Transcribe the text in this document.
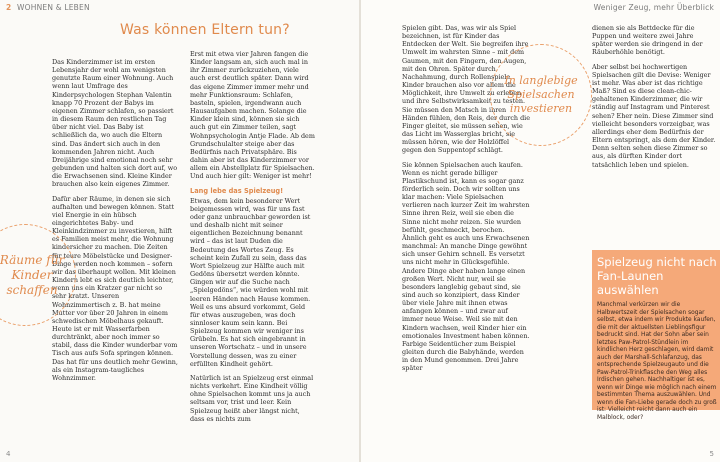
2 WOHNEN & LEBEN	Weniger Zeug, mehr Überblick
Was können Eltern tun?

Das Kinderzimmer ist im ersten Lebensjahr der wohl am wenigsten genutzte Raum einer Wohnung. Auch wenn laut Umfrage des Kinderpsychologen Stephan Valentin knapp 70 Prozent der Babys im eigenen Zimmer schlafen, so passiert in diesem Raum den restlichen Tag über nicht viel. Das Baby ist schließlich da, wo auch die Eltern sind. Das ändert sich auch in den kommenden Jahren nicht. Auch Dreijährige sind emotional noch sehr gebunden und halten sich dort auf, wo die Erwachsenen sind. Kleine Kinder brauchen also kein eigenes Zimmer.

Dafür aber Räume, in denen sie sich aufhalten und bewegen können. Statt viel Energie in ein hübsch eingerichtetes Baby- und Kleinkindzimmer zu investieren, hilft es Familien meist mehr, die Wohnung kindersicher zu machen. Die Zeiten für teure Möbelstücke und Designer-Dinge werden noch kommen – sofern wir das überhaupt wollen. Mit kleinen Kindern lebt es sich deutlich leichter, wenn uns ein Kratzer gar nicht so sehr kratzt. Unseren Wohnzimmertisch z. B. hat meine Mutter vor über 20 Jahren in einem schwedischen Möbelhaus gekauft. Heute ist er mit Wasserfarben durchtränkt, aber noch immer so stabil, dass die Kinder wunderbar vom Tisch aus aufs Sofa springen können. Das hat für uns deutlich mehr Gewinn, als ein Instagram-taugliches Wohnzimmer.

Erst mit etwa vier Jahren fangen die Kinder langsam an, sich auch mal in ihr Zimmer zurückzuziehen, viele auch erst deutlich später. Dann wird das eigene Zimmer immer mehr und mehr Funktionsraum: Schlafen, basteln, spielen, irgendwann auch Hausaufgaben machen. Solange die Kinder klein sind, können sie sich auch gut ein Zimmer teilen, sagt Wohnpsychologin Antje Flade. Ab dem Grundschulalter steige aber das Bedürfnis nach Privatsphäre. Bis dahin aber ist das Kinderzimmer vor allem ein Abstellplatz für Spielsachen. Und auch hier gilt: Weniger ist mehr!

Lang lebe das Spielzeug!

Etwas, dem kein besonderer Wert beigemessen wird, was für uns fast oder ganz unbrauchbar geworden ist und deshalb nicht mit seiner eigentlichen Bezeichnung benannt wird – das ist laut Duden die Bedeutung des Wortes Zeug. Es scheint kein Zufall zu sein, dass das Wort Spielzeug zur Hälfte auch mit Gedöns übersetzt werden könnte. Gingen wir auf die Suche nach „Spielgedöns“, wie würden wohl mit leeren Händen nach Hause kommen. Weil es uns absurd vorkommt, Geld für etwas auszugeben, was doch sinnloser kaum sein kann. Bei Spielzeug kommen wir weniger ins Grübeln. Es hat sich eingebrannt in unseren Wortschatz – und in unsere Vorstellung dessen, was zu einer erfüllten Kindheit gehört.

Natürlich ist an Spielzeug erst einmal nichts verkehrt. Eine Kindheit völlig ohne Spielsachen kommt uns ja auch seltsam vor, trist und leer. Kein Spielzeug heißt aber längst nicht, dass es nichts zum

Spielen gibt. Das, was wir als Spiel bezeichnen, ist für Kinder das Entdecken der Welt. Sie begreifen ihre Umwelt im wahrsten Sinne – mit dem Gaumen, mit den Fingern, den Augen, mit den Ohren. Später durch Nachahmung, durch Rollenspiele. Kinder brauchen also vor allem die Möglichkeit, ihre Umwelt zu erleben und ihre Selbstwirksamkeit zu testen. Sie müssen den Matsch in ihren Händen fühlen, den Reis, der durch die Finger gleitet, sie müssen sehen, wie das Licht im Wasserglas bricht, sie müssen hören, wie der Holzlöffel gegen den Suppentopf schlägt.

Sie können Spielsachen auch kaufen. Wenn es nicht gerade billiger Plastikschund ist, kann es sogar ganz förderlich sein. Doch wir sollten uns klar machen: Viele Spielsachen verlieren nach kurzer Zeit im wahrsten Sinne ihren Reiz, weil sie eben die Sinne nicht mehr reizen. Sie wurden befühlt, geschmeckt, berochen. Ähnlich geht es auch uns Erwachsenen manchmal: An manche Dinge gewöhnt sich unser Gehirn schnell. Es versetzt uns nicht mehr in Glücksgefühle. Andere Dinge aber haben lange einen großen Wert. Nicht nur, weil sie besonders langlebig gebaut sind, sie sind auch so konzipiert, dass Kinder über viele Jahre mit ihnen etwas anfangen können – und zwar auf immer neue Weise. Weil sie mit den Kindern wachsen, weil Kinder hier ein emotionales Investment haben können. Farbige Seidentücher zum Beispiel gleiten durch die Babyhände, werden in den Mund genommen. Drei Jahre später

dienen sie als Bettdecke für die Puppen und weitere zwei Jahre später werden sie dringend in der Räuberhöhle benötigt.

Aber selbst bei hochwertigen Spielsachen gilt die Devise: Weniger ist mehr. Was aber ist das richtige Maß? Sind es diese clean-chic-gehaltenen Kinderzimmer, die wir ständig auf Instagram und Pinterest sehen? Eher nein. Diese Zimmer sind vielleicht besonders vorzeigbar, was allerdings eher dem Bedürfnis der Eltern entspringt, als dem der Kinder. Denn selten sehen diese Zimmer so aus, als dürften Kinder dort tatsächlich leben und spielen.

Räume für Kinder schaffen
In langlebige Spielsachen investieren
Spielzeug nicht nach Fan-Launen auswählen
Manchmal verkürzen wir die Halbwertszeit der Spielsachen sogar selbst, etwa indem wir Produkte kaufen, die mit der aktuellsten Lieblingsfigur bedruckt sind. Hat der Sohn aber sein letztes Paw-Patrol-Stündlein im kindlichen Herz geschlagen, wird damit auch der Marshall-Schlafanzug, das entsprechende Spielzeugauto und die Paw-Patrol-Trinkflasche den Weg alles Irdischen gehen. Nachhaltiger ist es, wenn wir Dinge wie möglich nach einem bestimmten Thema auszuwählen. Und wenn die Fan-Liebe gerade doch zu groß ist: Vielleicht reicht dann auch ein Malblock, oder?
4	5
